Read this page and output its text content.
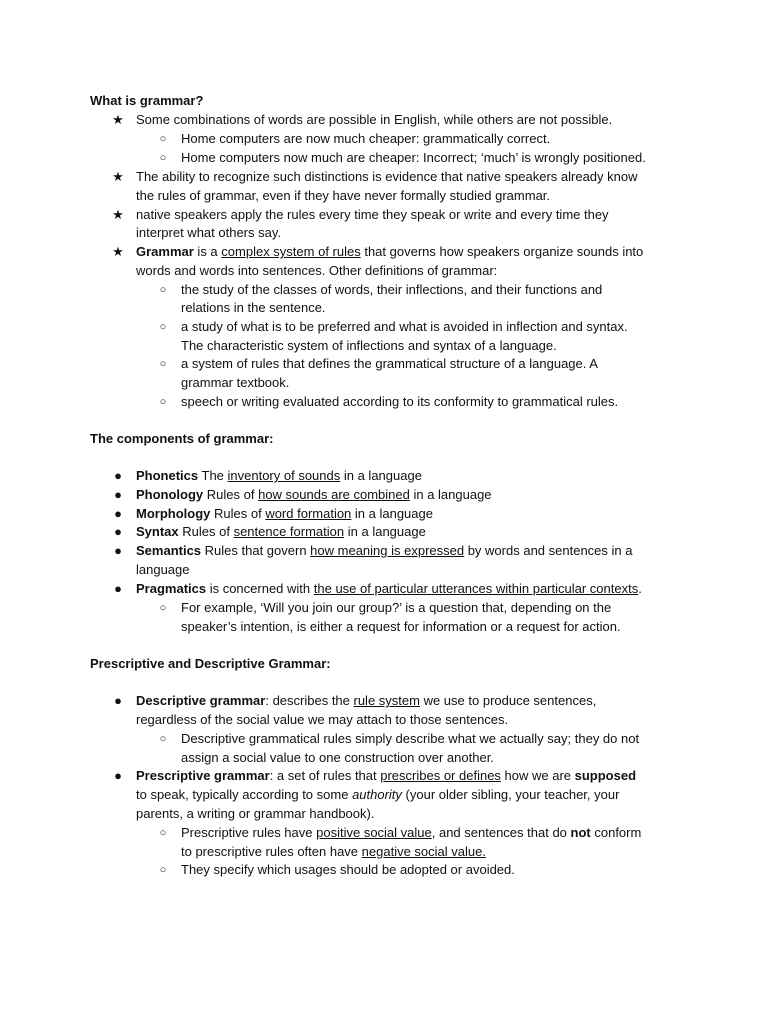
What is grammar?
★ Some combinations of words are possible in English, while others are not possible.
○ Home computers are now much cheaper: grammatically correct.
○ Home computers now much are cheaper: Incorrect; ‘much’ is wrongly positioned.
★ The ability to recognize such distinctions is evidence that native speakers already know
the rules of grammar, even if they have never formally studied grammar.
★ native speakers apply the rules every time they speak or write and every time they
interpret what others say.
★ Grammar is a complex system of rules that governs how speakers organize sounds into
words and words into sentences. Other definitions of grammar:
○ the study of the classes of words, their inflections, and their functions and
relations in the sentence.
○ a study of what is to be preferred and what is avoided in inflection and syntax.
The characteristic system of inflections and syntax of a language.
○ a system of rules that defines the grammatical structure of a language. A
grammar textbook.
○ speech or writing evaluated according to its conformity to grammatical rules.
The components of grammar:
●	Phonetics The inventory of sounds in a language
●	Phonology Rules of how sounds are combined in a language
●	Morphology Rules of word formation in a language
●	Syntax Rules of sentence formation in a language
●	Semantics Rules that govern how meaning is expressed by words and sentences in a
language
●	Pragmatics is concerned with the use of particular utterances within particular contexts.
○ For example, ‘Will you join our group?’ is a question that, depending on the
speaker’s intention, is either a request for information or a request for action.
Prescriptive and Descriptive Grammar:
●	Descriptive grammar: describes the rule system we use to produce sentences,
regardless of the social value we may attach to those sentences.
○ Descriptive grammatical rules simply describe what we actually say; they do not
assign a social value to one construction over another.
●	Prescriptive grammar: a set of rules that prescribes or defines how we are supposed
to speak, typically according to some authority (your older sibling, your teacher, your
parents, a writing or grammar handbook).
○ Prescriptive rules have positive social value, and sentences that do not conform
to prescriptive rules often have negative social value.
○ They specify which usages should be adopted or avoided.
